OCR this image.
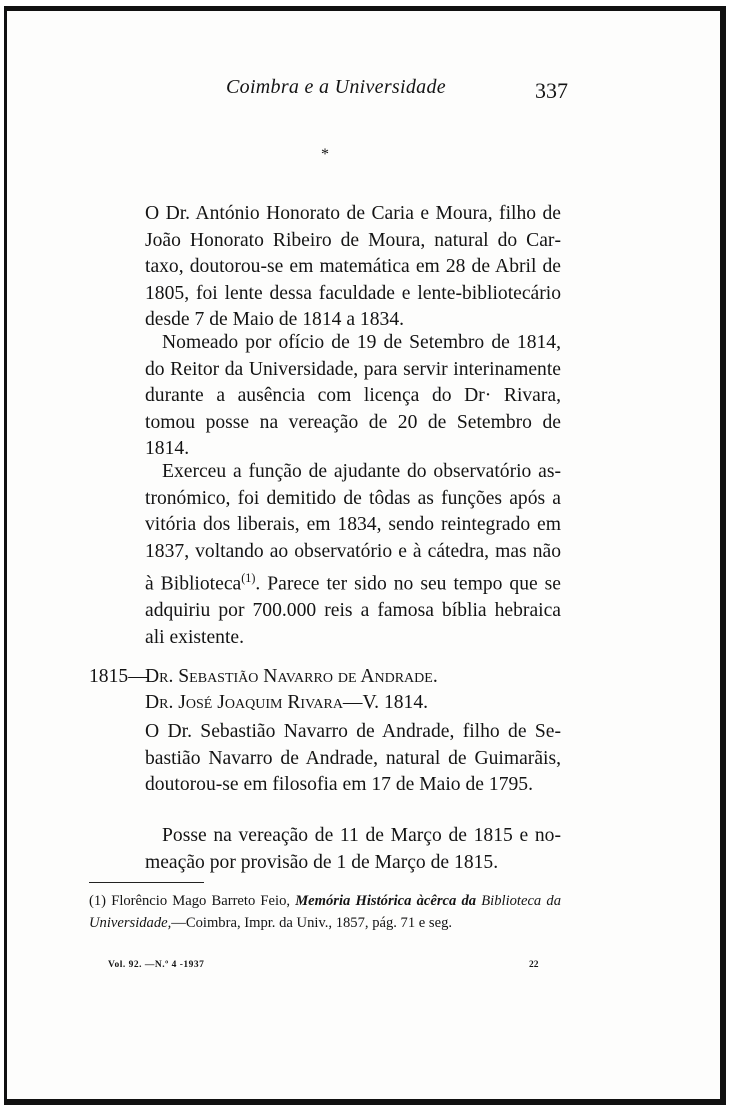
Coimbra e a Universidade	337
*
O Dr. António Honorato de Caria e Moura, filho de João Honorato Ribeiro de Moura, natural do Cartaxo, doutorou-se em matemática em 28 de Abril de 1805, foi lente dessa faculdade e lente-bibliotecário desde 7 de Maio de 1814 a 1834.
Nomeado por ofício de 19 de Setembro de 1814, do Reitor da Universidade, para servir interinamente durante a ausência com licença do Dr· Rivara, tomou posse na vereação de 20 de Setembro de 1814.
Exerceu a função de ajudante do observatório astronómico, foi demitido de tôdas as funções após a vitória dos liberais, em 1834, sendo reintegrado em 1837, voltando ao observatório e à cátedra, mas não à Biblioteca$^{(1)}$. Parece ter sido no seu tempo que se adquiriu por 700.000 reis a famosa bíblia hebraica ali existente.
1815—
Dr. Sebastião Navarro de Andrade.
Dr. José Joaquim Rivara—V. 1814.
O Dr. Sebastião Navarro de Andrade, filho de Sebastião Navarro de Andrade, natural de Guimarãis, doutorou-se em filosofia em 17 de Maio de 1795.
Posse na vereação de 11 de Março de 1815 e nomeação por provisão de 1 de Março de 1815.
(1) Florêncio Mago Barreto Feio, Memória Histórica àcêrca da Biblioteca da Universidade,—Coimbra, Impr. da Univ., 1857, pág. 71 e seg.
Vol. 92. —N.º 4 -1937	22
